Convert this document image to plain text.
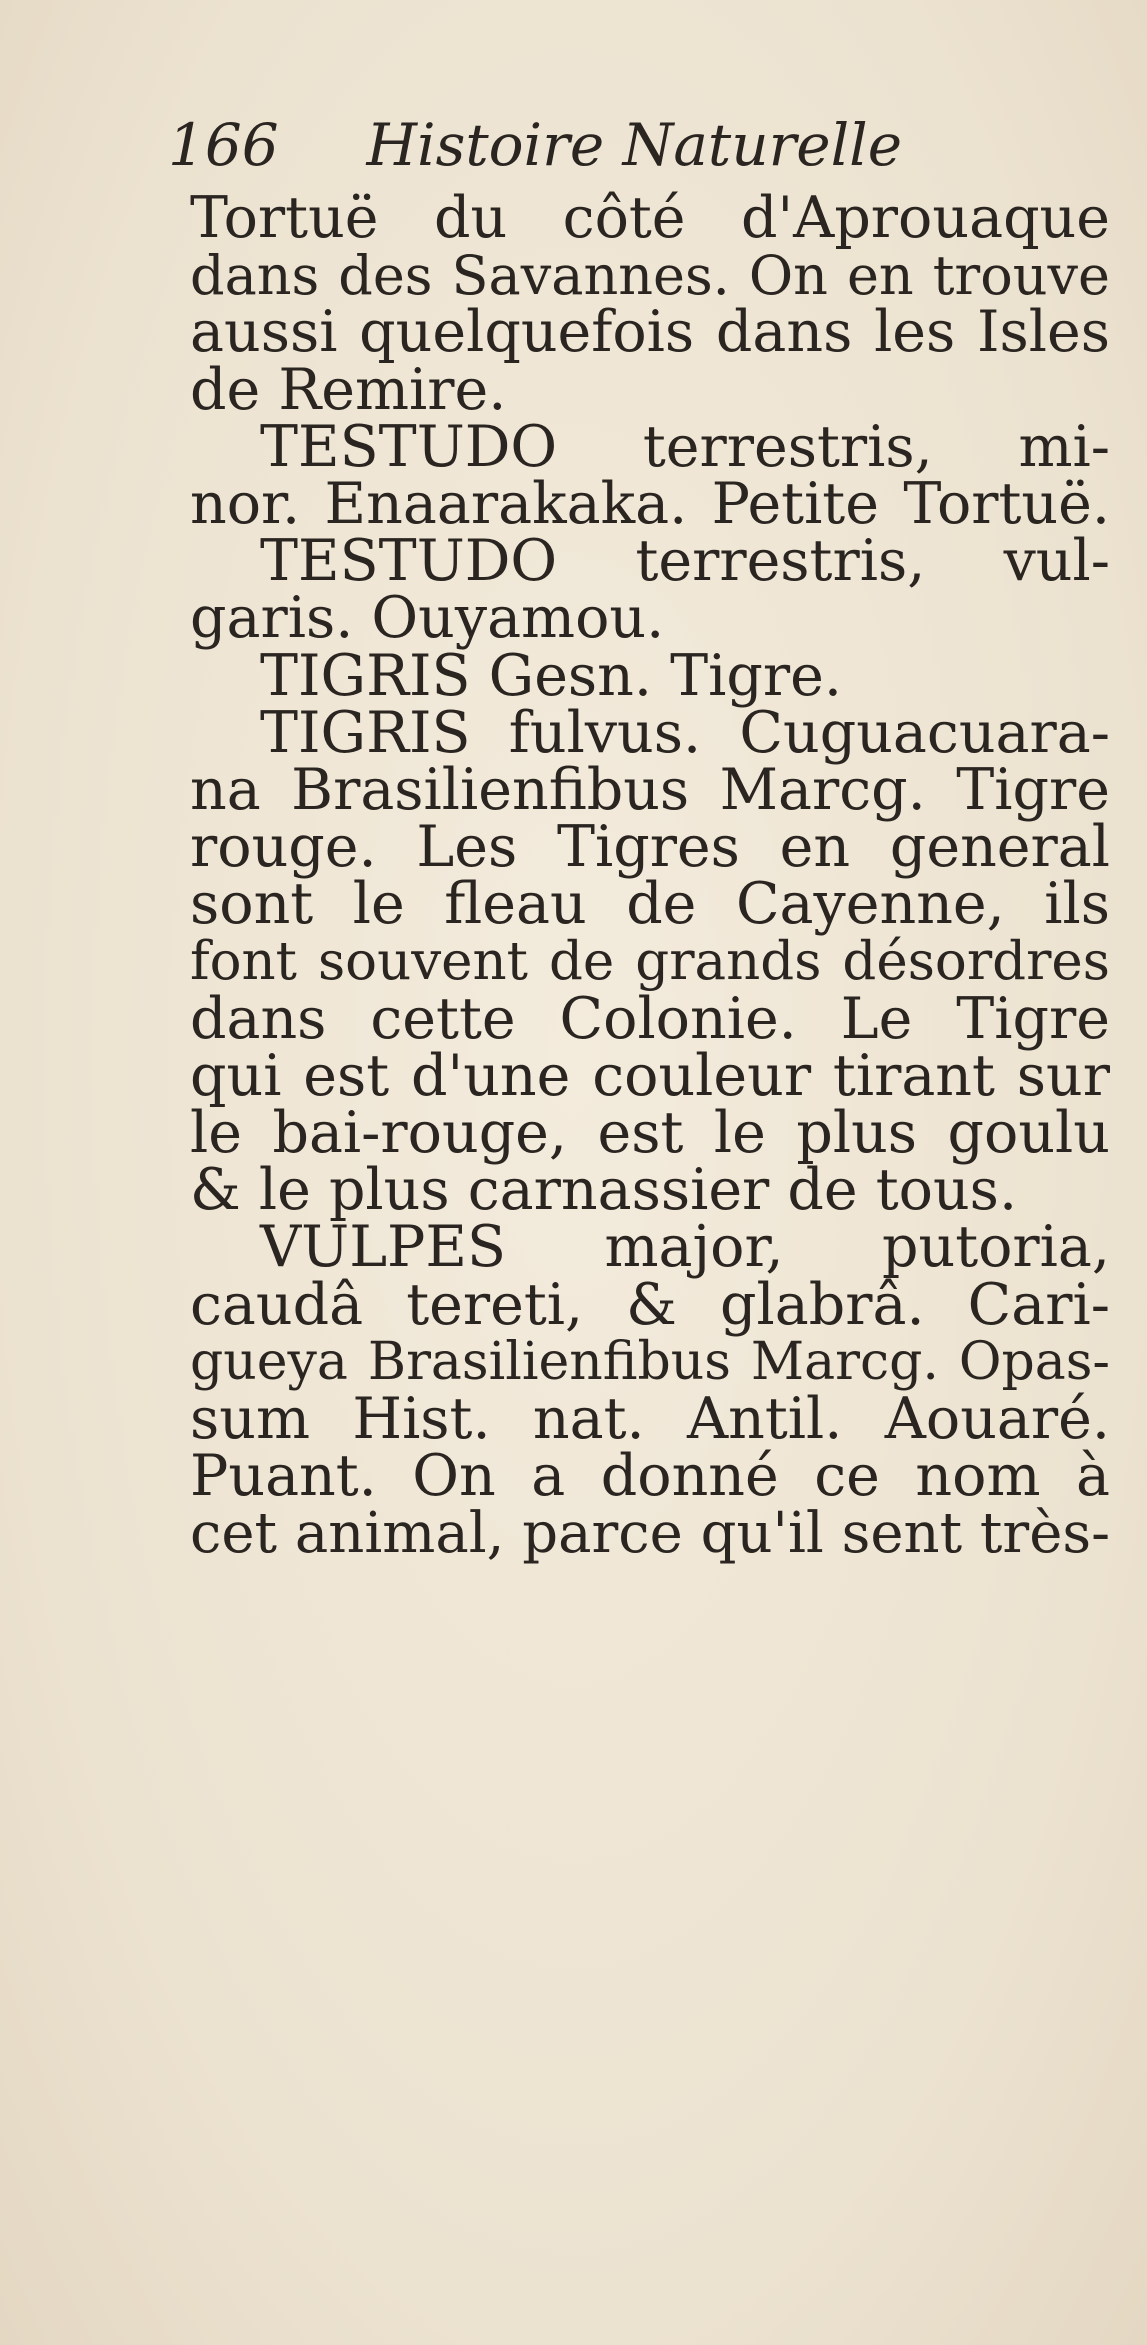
166 Histoire Naturelle
Tortuë du côté d'Aprouaque
dans des Savannes. On en trouve
aussi quelquefois dans les Isles
de Remire.
TESTUDO terrestris, mi-
nor. Enaarakaka. Petite Tortuë.
TESTUDO terrestris, vul-
garis. Ouyamou.
TIGRIS Gesn. Tigre.
TIGRIS fulvus. Cuguacuara-
na Brasilienfibus Marcg. Tigre
rouge. Les Tigres en general
sont le fleau de Cayenne, ils
font souvent de grands désordres
dans cette Colonie. Le Tigre
qui est d'une couleur tirant sur
le bai-rouge, est le plus goulu
& le plus carnassier de tous.
VULPES major, putoria,
caudâ tereti, & glabrâ. Cari-
gueya Brasilienfibus Marcg. Opas-
sum Hist. nat. Antil. Aouaré.
Puant. On a donné ce nom à
cet animal, parce qu'il sent très-
